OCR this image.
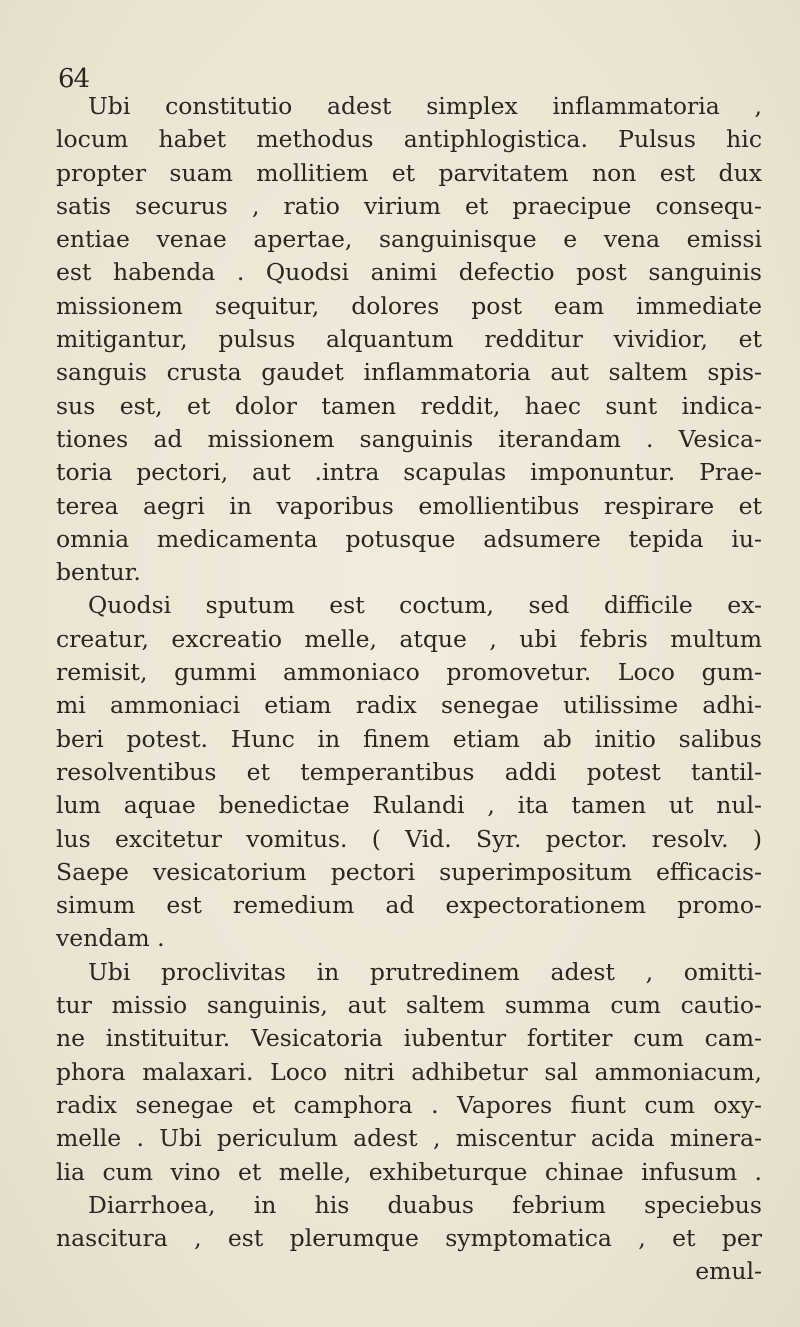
64
Ubi constitutio adest simplex inflammatoria ,
locum habet methodus antiphlogistica. Pulsus hic
propter suam mollitiem et parvitatem non est dux
satis securus , ratio virium et praecipue consequ-
entiae venae apertae, sanguinisque e vena emissi
est habenda . Quodsi animi defectio post sanguinis
missionem sequitur, dolores post eam immediate
mitigantur, pulsus alquantum redditur vividior, et
sanguis crusta gaudet inflammatoria aut saltem spis-
sus est, et dolor tamen reddit, haec sunt indica-
tiones ad missionem sanguinis iterandam . Vesica-
toria pectori, aut .intra scapulas imponuntur. Prae-
terea aegri in vaporibus emollientibus respirare et
omnia medicamenta potusque adsumere tepida iu-
bentur.
Quodsi sputum est coctum, sed difficile ex-
creatur, excreatio melle, atque , ubi febris multum
remisit, gummi ammoniaco promovetur. Loco gum-
mi ammoniaci etiam radix senegae utilissime adhi-
beri potest. Hunc in finem etiam ab initio salibus
resolventibus et temperantibus addi potest tantil-
lum aquae benedictae Rulandi , ita tamen ut nul-
lus excitetur vomitus. ( Vid. Syr. pector. resolv. )
Saepe vesicatorium pectori superimpositum efficacis-
simum est remedium ad expectorationem promo-
vendam .
Ubi proclivitas in prutredinem adest , omitti-
tur missio sanguinis, aut saltem summa cum cautio-
ne instituitur. Vesicatoria iubentur fortiter cum cam-
phora malaxari. Loco nitri adhibetur sal ammoniacum,
radix senegae et camphora . Vapores fiunt cum oxy-
melle . Ubi periculum adest , miscentur acida minera-
lia cum vino et melle, exhibeturque chinae infusum .
Diarrhoea, in his duabus febrium speciebus
nascitura , est plerumque symptomatica , et per
emul-
